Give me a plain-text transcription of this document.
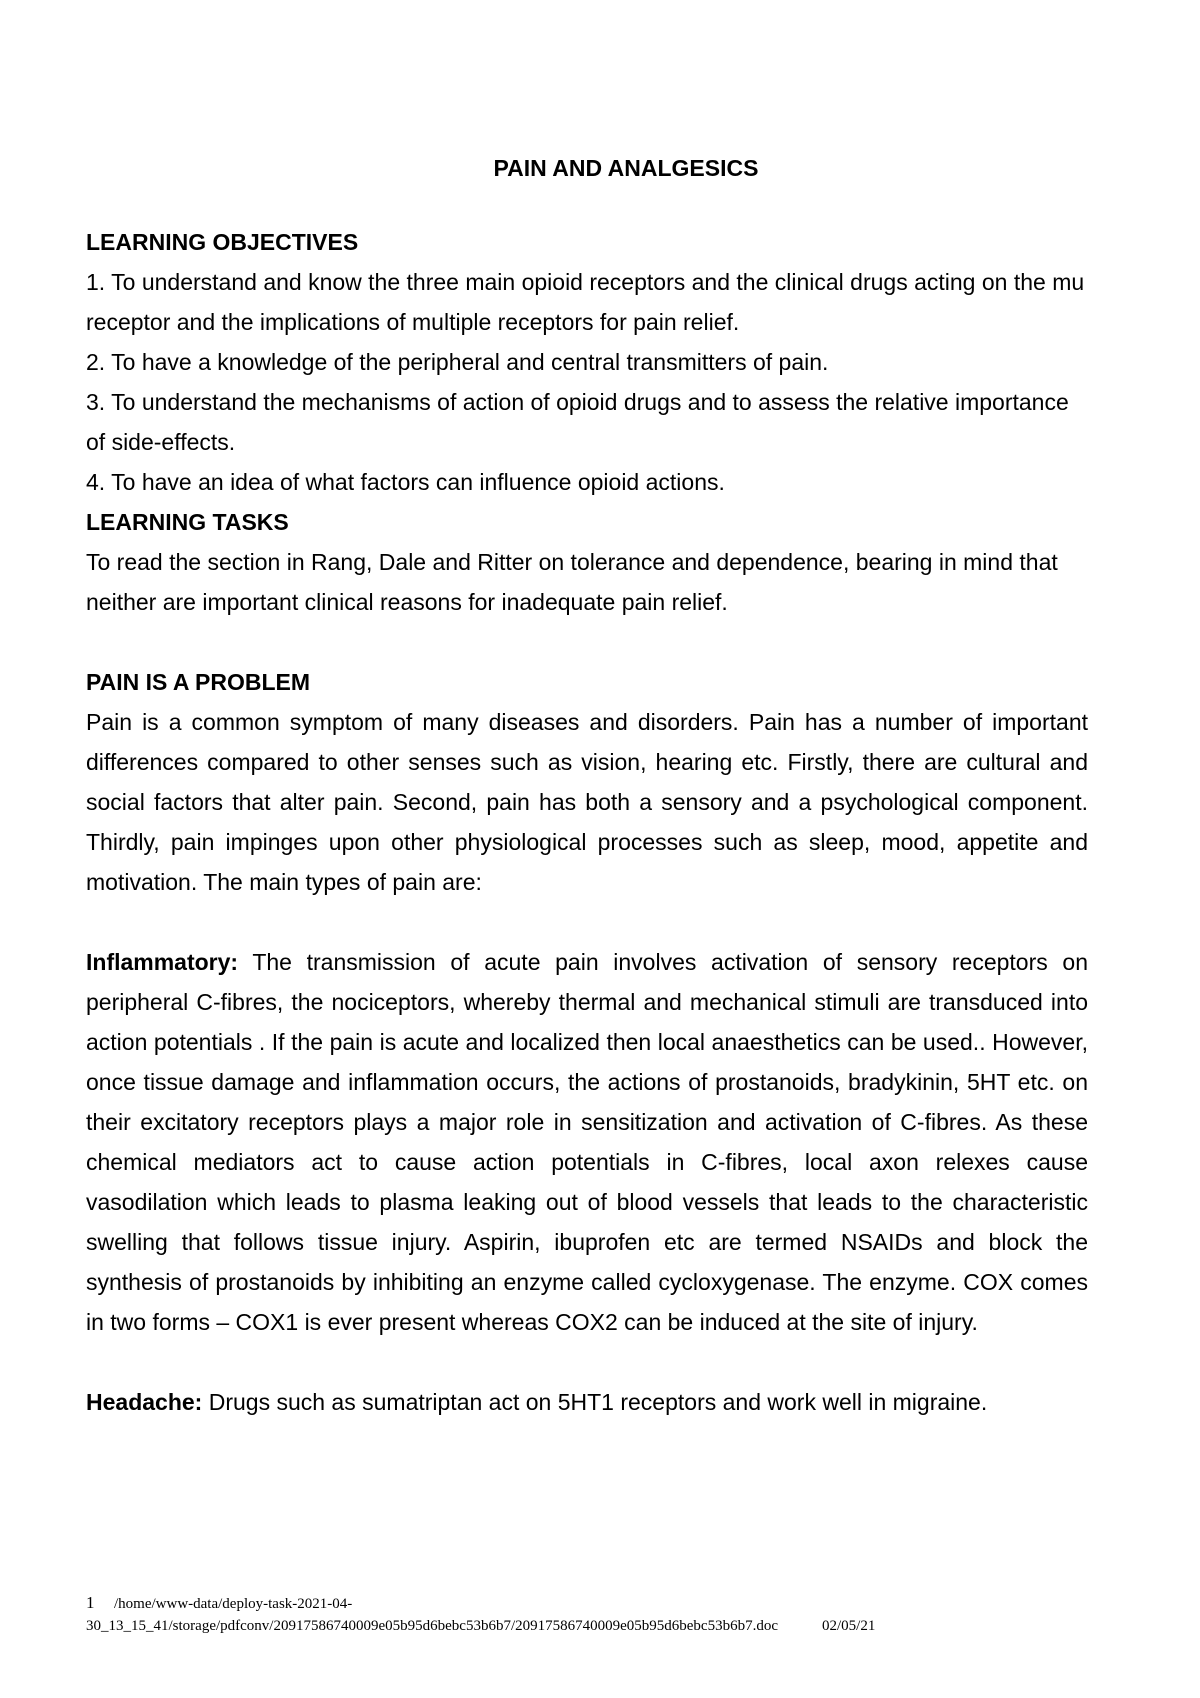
PAIN AND ANALGESICS
LEARNING OBJECTIVES

1. To understand and know the three main opioid receptors and the clinical drugs acting on the mu receptor and the implications of multiple receptors for pain relief.

2. To have a knowledge of the peripheral and central transmitters of pain.

3. To understand the mechanisms of action of opioid drugs and to assess the relative importance of side-effects.

4. To have an idea of what factors can influence opioid actions.

LEARNING TASKS

To read the section in Rang, Dale and Ritter on tolerance and dependence, bearing in mind that neither are important clinical reasons for inadequate pain relief.

PAIN IS A PROBLEM

Pain is a common symptom of many diseases and disorders. Pain has a number of important differences compared to other senses such as vision, hearing etc. Firstly, there are cultural and social factors that alter pain. Second, pain has both a sensory and a psychological component. Thirdly, pain impinges upon other physiological processes such as sleep, mood, appetite and motivation. The main types of pain are:

Inflammatory: The transmission of acute pain involves activation of sensory receptors on peripheral C-fibres, the nociceptors, whereby thermal and mechanical stimuli are transduced into action potentials . If the pain is acute and localized then local anaesthetics can be used.. However, once tissue damage and inflammation occurs, the actions of prostanoids, bradykinin, 5HT etc. on their excitatory receptors plays a major role in sensitization and activation of C-fibres. As these chemical mediators act to cause action potentials in C-fibres, local axon relexes cause vasodilation which leads to plasma leaking out of blood vessels that leads to the characteristic swelling that follows tissue injury. Aspirin, ibuprofen etc are termed NSAIDs and block the synthesis of prostanoids by inhibiting an enzyme called cycloxygenase. The enzyme. COX comes in two forms – COX1 is ever present whereas COX2 can be induced at the site of injury.

Headache: Drugs such as sumatriptan act on 5HT1 receptors and work well in migraine.

1 /home/www-data/deploy-task-2021-04-
30_13_15_41/storage/pdfconv/20917586740009e05b95d6bebc53b6b7/20917586740009e05b95d6bebc53b6b7.doc	02/05/21
